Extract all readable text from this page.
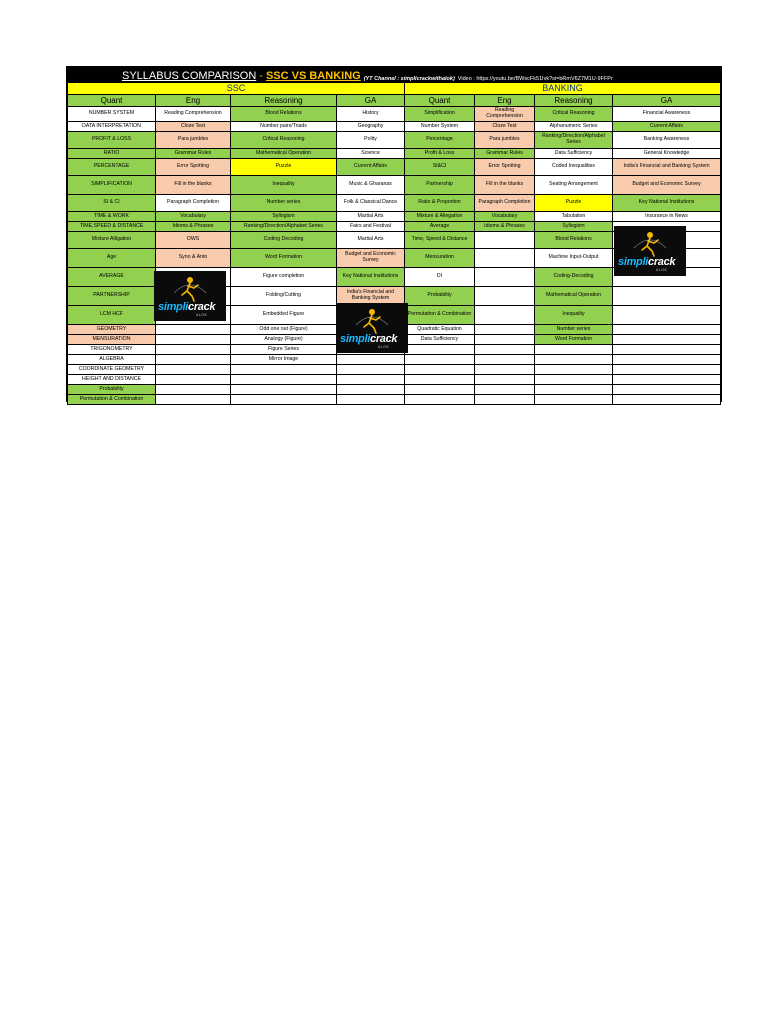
SYLLABUS COMPARISON - SSC VS BANKING (YT Channel : simplicrackwithalok) Video : https://youtu.be/BWscFk51Ivk?si=bRmV6Z7M1U-9FFPr
SSC				BANKING			
Quant	Eng	Reasoning	GA	Quant	Eng	Reasoning	GA
NUMBER SYSTEM	Reading Comprehension	Blood Relations	History	Simplification	Reading Comprehension	Critical Reasoning	Financial Awareness
DATA INTERPRETATION	Cloze Test	Number pairs/Triads	Geography	Number System	Cloze Test	Alphanumeric Series	Current Affairs
PROFIT & LOSS	Para jumbles	Critical Reasoning	Polity	Percentage	Para jumbles	Ranking/Direction/Alphabet Series	Banking Awareness
RATIO	Grammar Rules	Mathematical Operation	Science	Profit & Loss	Grammar Rules	Data Sufficiency	General Knowledge
PERCENTAGE	Error Spotting	Puzzle	Current Affairs	SI&CI	Error Spotting	Coded Inequalities	India's Financial and Banking System
SIMPLIFICATION	Fill in the blanks	Inequality	Music & Gharanas	Partnership	Fill in the blanks	Seating Arrangement	Budget and Economic Survey
SI & CI	Paragraph Completion	Number series	Folk & Classical Dance	Ratio & Proportion	Paragraph Completion	Puzzle	Key National Institutions
TIME & WORK	Vocabulary	Syllogism	Martial Arts	Mixture & Allegation	Vocabulary	Tabulation	Insurance in News
TIME,SPEED & DISTANCE	Idioms & Phrases	Ranking/Direction/Alphabet Series	Fairs and Festival	Average	Idioms & Phrases	Syllogism	
Mixture Alligation	OWS	Coding Decoding	Martial Arts	Time, Speed & Distance		Blood Relations	
Age	Syno & Anto	Word Formation	Budget and Economic Survey	Mensuration		Machine Input-Output	
AVERAGE		Figure completion	Key National Institutions	DI		Coding-Decoding	
PARTNERSHIP		Folding/Cutting	India's Financial and Banking System	Probability		Mathematical Operation	
LCM HCF		Embedded Figure		Permutation & Combination		Inequality	
GEOMETRY		Odd one out (Figure)		Quadratic Equation		Number series	
MENSURATION		Analogy (Figure)		Data Sufficiency		Word Formation	
TRIGONOMETRY		Figure Series					
ALGEBRA		Mirror Image					
COORDINATE GEOMETRY							
HEIGHT AND DISTANCE							
Probability							
Permutation & Combination							
simplicrack
ALOK
simplicrack
ALOK
simplicrack
ALOK
